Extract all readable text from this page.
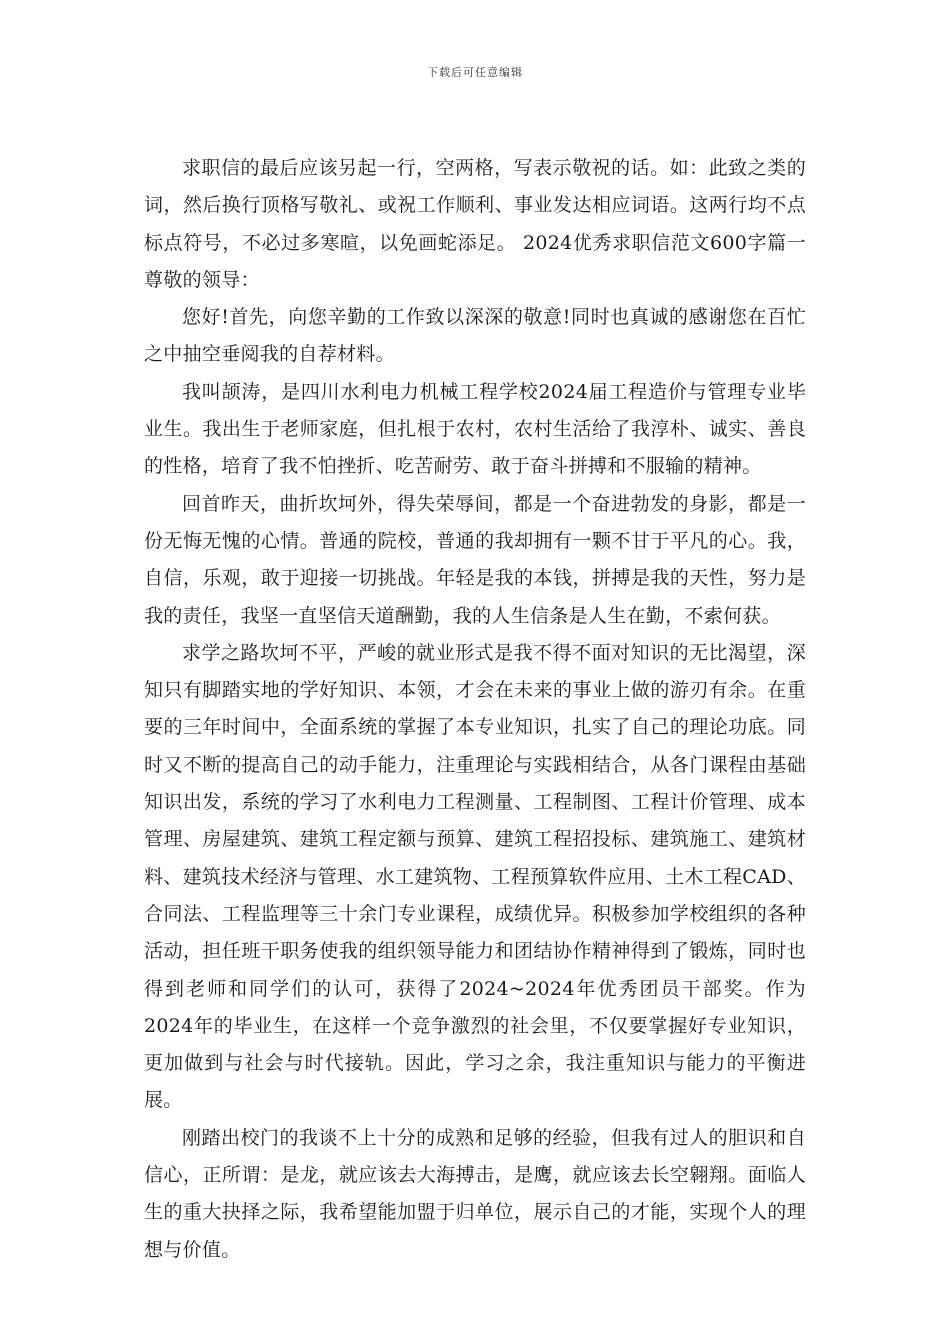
下载后可任意编辑

求职信的最后应该另起一行，空两格，写表示敬祝的话。如：此致之类的词，然后换行顶格写敬礼、或祝工作顺利、事业发达相应词语。这两行均不点标点符号，不必过多寒暄，以免画蛇添足。 2024优秀求职信范文600字篇一尊敬的领导：

您好!首先，向您辛勤的工作致以深深的敬意!同时也真诚的感谢您在百忙之中抽空垂阅我的自荐材料。

我叫颉涛，是四川水利电力机械工程学校2024届工程造价与管理专业毕业生。我出生于老师家庭，但扎根于农村，农村生活给了我淳朴、诚实、善良的性格，培育了我不怕挫折、吃苦耐劳、敢于奋斗拼搏和不服输的精神。

回首昨天，曲折坎坷外，得失荣辱间，都是一个奋进勃发的身影，都是一份无悔无愧的心情。普通的院校，普通的我却拥有一颗不甘于平凡的心。我，自信，乐观，敢于迎接一切挑战。年轻是我的本钱，拼搏是我的天性，努力是我的责任，我坚一直坚信天道酬勤，我的人生信条是人生在勤，不索何获。

求学之路坎坷不平，严峻的就业形式是我不得不面对知识的无比渴望，深知只有脚踏实地的学好知识、本领，才会在未来的事业上做的游刃有余。在重要的三年时间中，全面系统的掌握了本专业知识，扎实了自己的理论功底。同时又不断的提高自己的动手能力，注重理论与实践相结合，从各门课程由基础知识出发，系统的学习了水利电力工程测量、工程制图、工程计价管理、成本管理、房屋建筑、建筑工程定额与预算、建筑工程招投标、建筑施工、建筑材料、建筑技术经济与管理、水工建筑物、工程预算软件应用、土木工程CAD、合同法、工程监理等三十余门专业课程，成绩优异。积极参加学校组织的各种活动，担任班干职务使我的组织领导能力和团结协作精神得到了锻炼，同时也得到老师和同学们的认可，获得了2024~2024年优秀团员干部奖。作为2024年的毕业生，在这样一个竞争激烈的社会里，不仅要掌握好专业知识，更加做到与社会与时代接轨。因此，学习之余，我注重知识与能力的平衡进展。

刚踏出校门的我谈不上十分的成熟和足够的经验，但我有过人的胆识和自信心，正所谓：是龙，就应该去大海搏击，是鹰，就应该去长空翱翔。面临人生的重大抉择之际，我希望能加盟于归单位，展示自己的才能，实现个人的理想与价值。
